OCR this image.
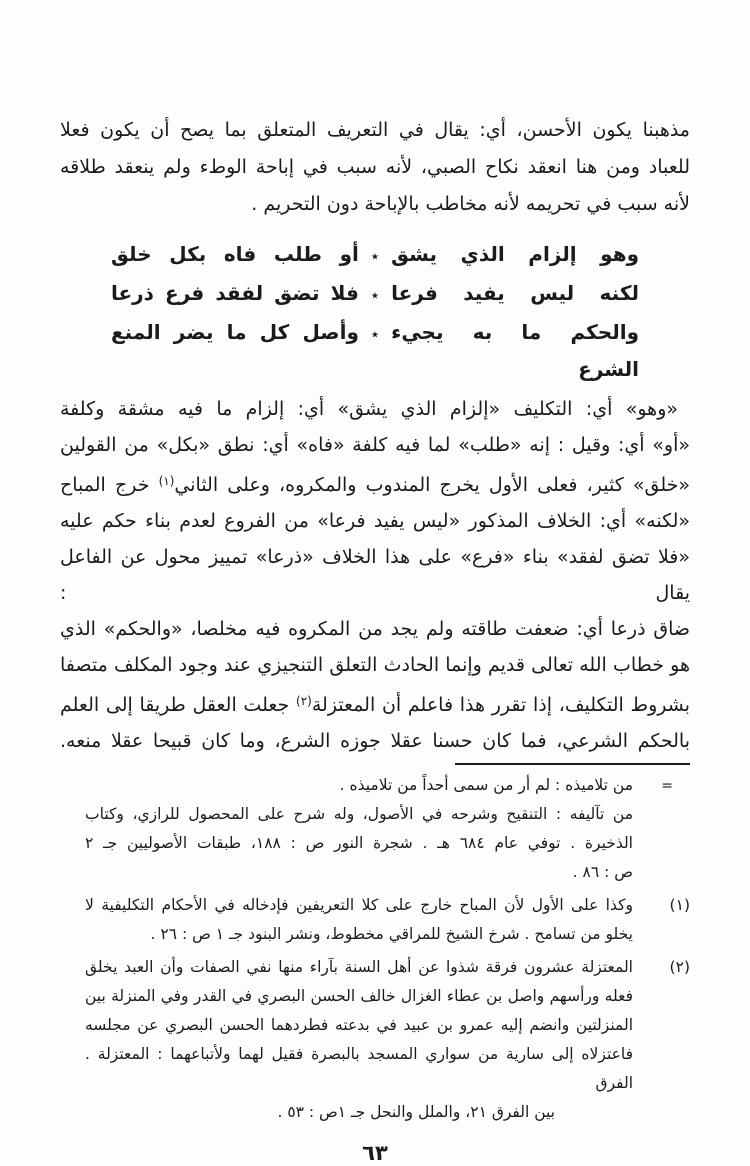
مذهبنا يكون الأحسن، أي: يقال في التعريف المتعلق بما يصح أن يكون فعلا
للعباد ومن هنا انعقد نكاح الصبي، لأنه سبب في إباحة الوطء ولم ينعقد طلاقه
لأنه سبب في تحريمه لأنه مخاطب بالإباحة دون التحريم .
وهو إلزام الذي يشق
٭
أو طلب فاه بكل خلق
لكنه ليس يفيد فرعا
٭
فلا تضق لفقد فرع ذرعا
والحكم ما به يجيء الشرع
٭
وأصل كل ما يضر المنع
«وهو» أي: التكليف «إلزام الذي يشق» أي: إلزام ما فيه مشقة وكلفة
«أو» أي: وقيل : إنه «طلب» لما فيه كلفة «فاه» أي: نطق «بكل» من القولين
«خلق» كثير، فعلى الأول يخرج المندوب والمكروه، وعلى الثاني$^{(١)}$ خرج المباح
«لكنه» أي: الخلاف المذكور «ليس يفيد فرعا» من الفروع لعدم بناء حكم عليه
«فلا تضق لفقد» بناء «فرع» على هذا الخلاف «ذرعا» تمييز محول عن الفاعل يقال :
ضاق ذرعا أي: ضعفت طاقته ولم يجد من المكروه فيه مخلصا، «والحكم» الذي
هو خطاب الله تعالى قديم وإنما الحادث التعلق التنجيزي عند وجود المكلف متصفا
بشروط التكليف، إذا تقرر هذا فاعلم أن المعتزلة$^{(٢)}$ جعلت العقل طريقا إلى العلم
بالحكم الشرعي، فما كان حسنا عقلا جوزه الشرع، وما كان قبيحا عقلا منعه.
=
من تلاميذه : لم أر من سمى أحداً من تلاميذه .
من تآليفه : التنقيح وشرحه في الأصول، وله شرح على المحصول للرازي، وكتاب
الذخيرة . توفي عام ٦٨٤ هـ . شجرة النور ص : ١٨٨، طبقات الأصوليين جـ ٢
ص : ٨٦ .
(١)
وكذا على الأول لأن المباح خارج على كلا التعريفين فإدخاله في الأحكام التكليفية لا
يخلو من تسامح . شرخ الشيخ للمراقي مخطوط، ونشر البنود جـ ١ ص : ٢٦ .
(٢)
المعتزلة عشرون فرقة شذوا عن أهل السنة بآراء منها نفي الصفات وأن العبد يخلق
فعله ورأسهم واصل بن عطاء الغزال خالف الحسن البصري في القدر وفي المنزلة بين
المنزلتين وانضم إليه عمرو بن عبيد في بدعته فطردهما الحسن البصري عن مجلسه
فاعتزلاه إلى سارية من سواري المسجد بالبصرة فقيل لهما ولأتباعهما : المعتزلة . الفرق
بين الفرق ٢١، والملل والنحل جـ ١ص : ٥٣ .
٦٣
